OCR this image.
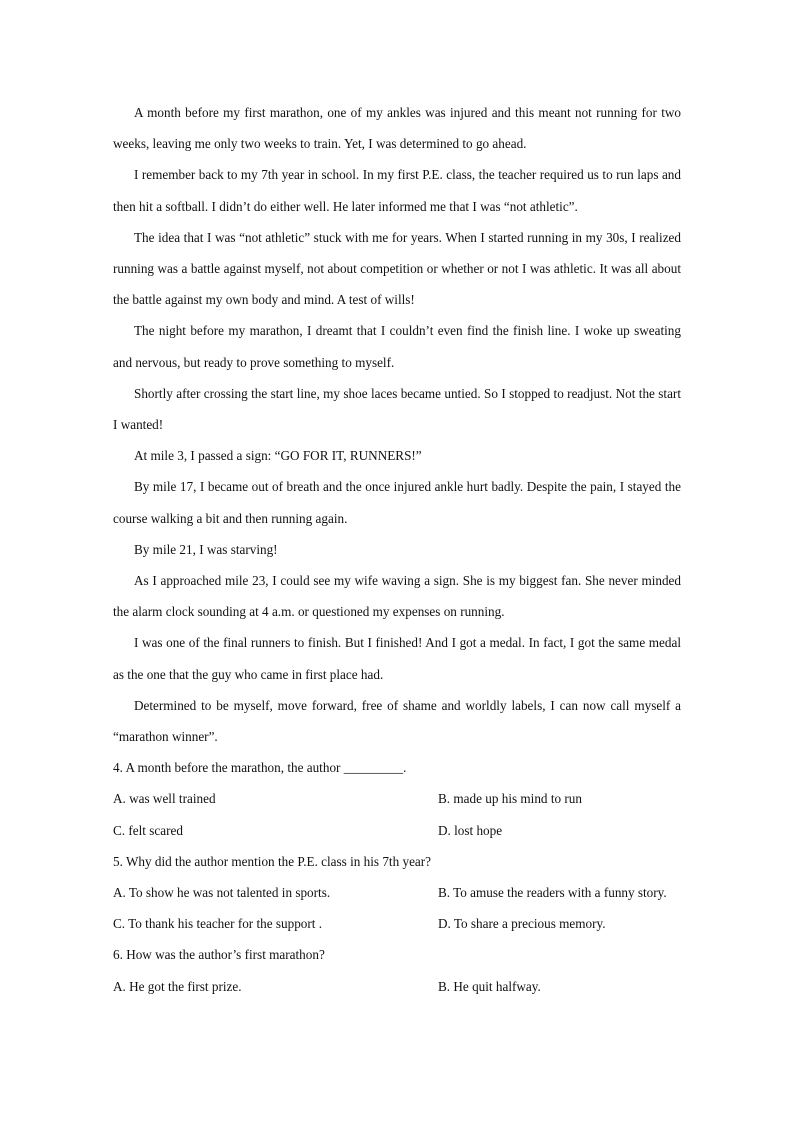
A month before my first marathon, one of my ankles was injured and this meant not running for two weeks, leaving me only two weeks to train. Yet, I was determined to go ahead.

I remember back to my 7th year in school. In my first P.E. class, the teacher required us to run laps and then hit a softball. I didn’t do either well. He later informed me that I was “not athletic”.

The idea that I was “not athletic” stuck with me for years. When I started running in my 30s, I realized running was a battle against myself, not about competition or whether or not I was athletic. It was all about the battle against my own body and mind. A test of wills!

The night before my marathon, I dreamt that I couldn’t even find the finish line. I woke up sweating and nervous, but ready to prove something to myself.

Shortly after crossing the start line, my shoe laces became untied. So I stopped to readjust. Not the start I wanted!

At mile 3, I passed a sign: “GO FOR IT, RUNNERS!”

By mile 17, I became out of breath and the once injured ankle hurt badly. Despite the pain, I stayed the course walking a bit and then running again.

By mile 21, I was starving!

As I approached mile 23, I could see my wife waving a sign. She is my biggest fan. She never minded the alarm clock sounding at 4 a.m. or questioned my expenses on running.

I was one of the final runners to finish. But I finished! And I got a medal. In fact, I got the same medal as the one that the guy who came in first place had.

Determined to be myself, move forward, free of shame and worldly labels, I can now call myself a “marathon winner”.

4. A month before the marathon, the author _________.

A. was well trained	B. made up his mind to run

C. felt scared	D. lost hope

5. Why did the author mention the P.E. class in his 7th year?

A. To show he was not talented in sports.	B. To amuse the readers with a funny story.

C. To thank his teacher for the support .	D. To share a precious memory.

6. How was the author’s first marathon?

A. He got the first prize.	B. He quit halfway.
